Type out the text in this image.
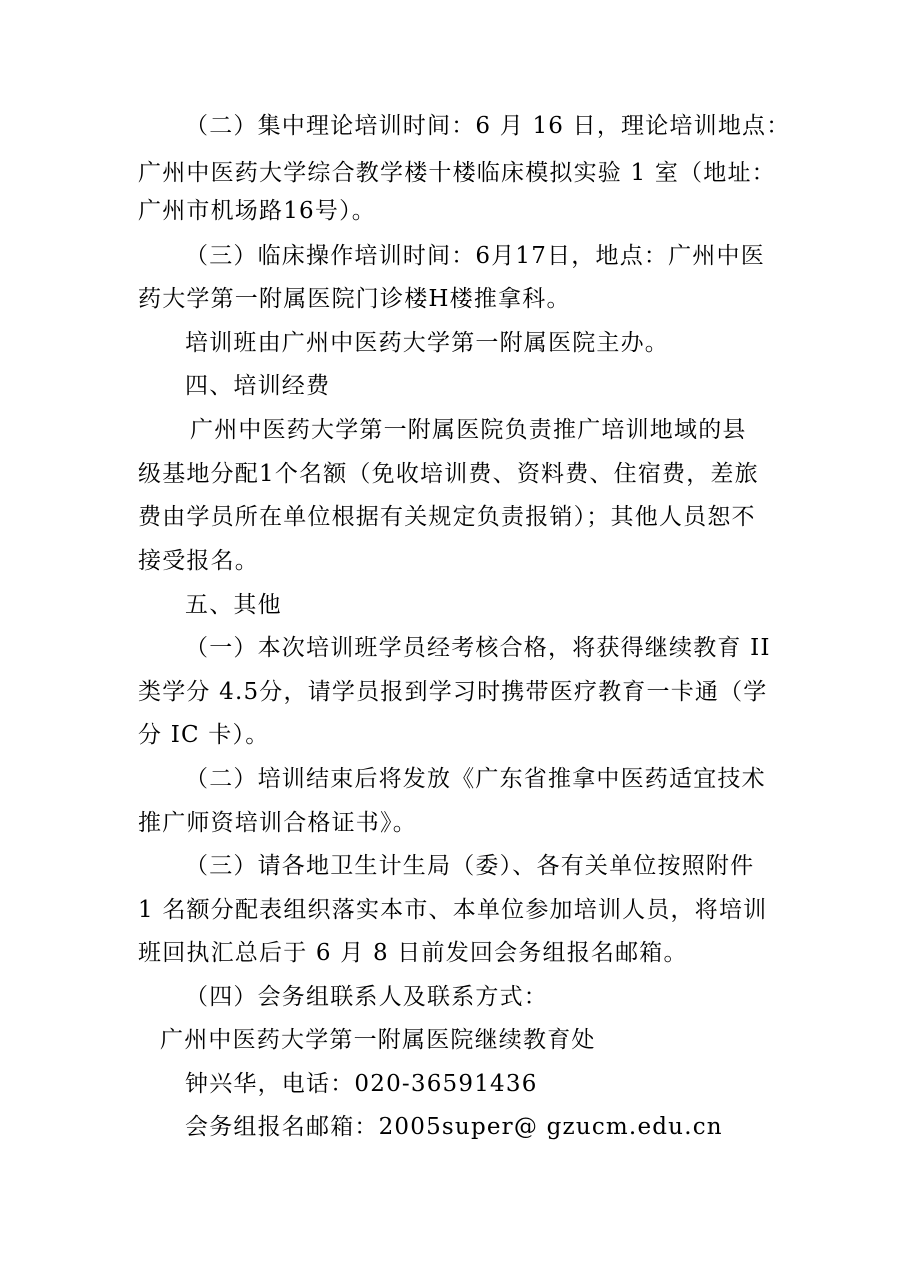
（二）集中理论培训时间：6 月 16 日，理论培训地点：
广州中医药大学综合教学楼十楼临床模拟实验 1 室（地址：
广州市机场路16号）。
（三）临床操作培训时间：6月17日，地点：广州中医
药大学第一附属医院门诊楼H楼推拿科。
培训班由广州中医药大学第一附属医院主办。
四、培训经费
广州中医药大学第一附属医院负责推广培训地域的县
级基地分配1个名额（免收培训费、资料费、住宿费，差旅
费由学员所在单位根据有关规定负责报销）；其他人员恕不
接受报名。
五、其他
（一）本次培训班学员经考核合格，将获得继续教育 II
类学分 4.5分，请学员报到学习时携带医疗教育一卡通（学
分 IC 卡）。
（二）培训结束后将发放《广东省推拿中医药适宜技术
推广师资培训合格证书》。
（三）请各地卫生计生局（委）、各有关单位按照附件
1 名额分配表组织落实本市、本单位参加培训人员，将培训
班回执汇总后于 6 月 8 日前发回会务组报名邮箱。
（四）会务组联系人及联系方式：
广州中医药大学第一附属医院继续教育处
钟兴华，电话：020-36591436
会务组报名邮箱：2005super@ gzucm.edu.cn
